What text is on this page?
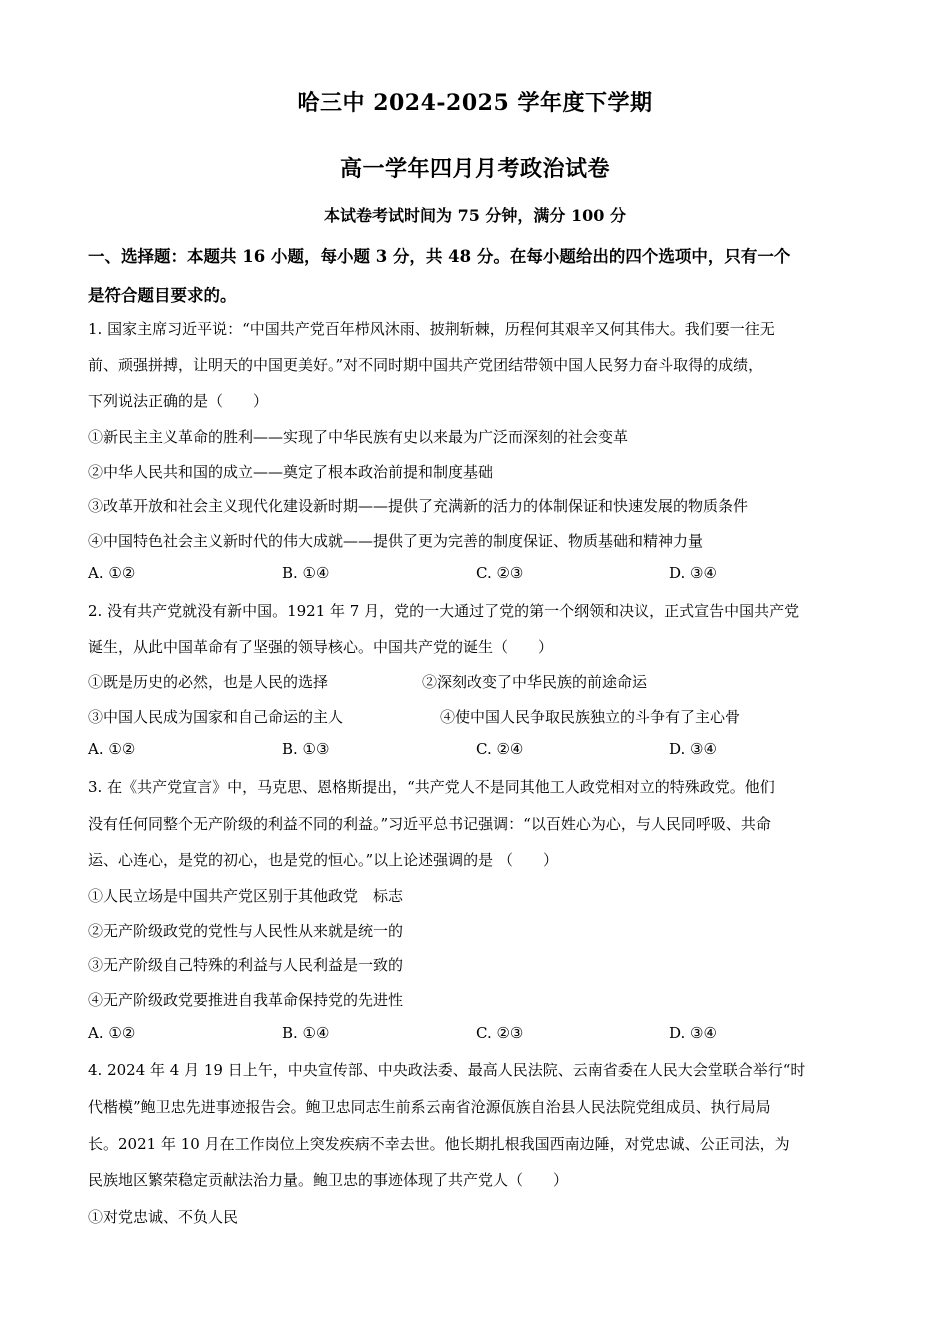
哈三中 2024-2025 学年度下学期
高一学年四月月考政治试卷
本试卷考试时间为 75 分钟，满分 100 分
一、选择题：本题共 16 小题，每小题 3 分，共 48 分。在每小题给出的四个选项中，只有一个
是符合题目要求的。
1. 国家主席习近平说：“中国共产党百年栉风沐雨、披荆斩棘，历程何其艰辛又何其伟大。我们要一往无
前、顽强拼搏，让明天的中国更美好。”对不同时期中国共产党团结带领中国人民努力奋斗取得的成绩，
下列说法正确的是（　　）
①新民主主义革命的胜利——实现了中华民族有史以来最为广泛而深刻的社会变革
②中华人民共和国的成立——奠定了根本政治前提和制度基础
③改革开放和社会主义现代化建设新时期——提供了充满新的活力的体制保证和快速发展的物质条件
④中国特色社会主义新时代的伟大成就——提供了更为完善的制度保证、物质基础和精神力量
A. ①②	B. ①④	C. ②③	D. ③④
2. 没有共产党就没有新中国。1921 年 7 月，党的一大通过了党的第一个纲领和决议，正式宣告中国共产党
诞生，从此中国革命有了坚强的领导核心。中国共产党的诞生（　　）
①既是历史的必然，也是人民的选择	②深刻改变了中华民族的前途命运
③中国人民成为国家和自己命运的主人	④使中国人民争取民族独立的斗争有了主心骨
A. ①②	B. ①③	C. ②④	D. ③④
3. 在《共产党宣言》中，马克思、恩格斯提出，“共产党人不是同其他工人政党相对立的特殊政党。他们
没有任何同整个无产阶级的利益不同的利益。”习近平总书记强调：“以百姓心为心，与人民同呼吸、共命
运、心连心，是党的初心，也是党的恒心。”以上论述强调的是 （　　）
①人民立场是中国共产党区别于其他政党　标志
②无产阶级政党的党性与人民性从来就是统一的
③无产阶级自己特殊的利益与人民利益是一致的
④无产阶级政党要推进自我革命保持党的先进性
A. ①②	B. ①④	C. ②③	D. ③④
4. 2024 年 4 月 19 日上午，中央宣传部、中央政法委、最高人民法院、云南省委在人民大会堂联合举行“时
代楷模”鲍卫忠先进事迹报告会。鲍卫忠同志生前系云南省沧源佤族自治县人民法院党组成员、执行局局
长。2021 年 10 月在工作岗位上突发疾病不幸去世。他长期扎根我国西南边陲，对党忠诚、公正司法，为
民族地区繁荣稳定贡献法治力量。鲍卫忠的事迹体现了共产党人（　　）
①对党忠诚、不负人民
